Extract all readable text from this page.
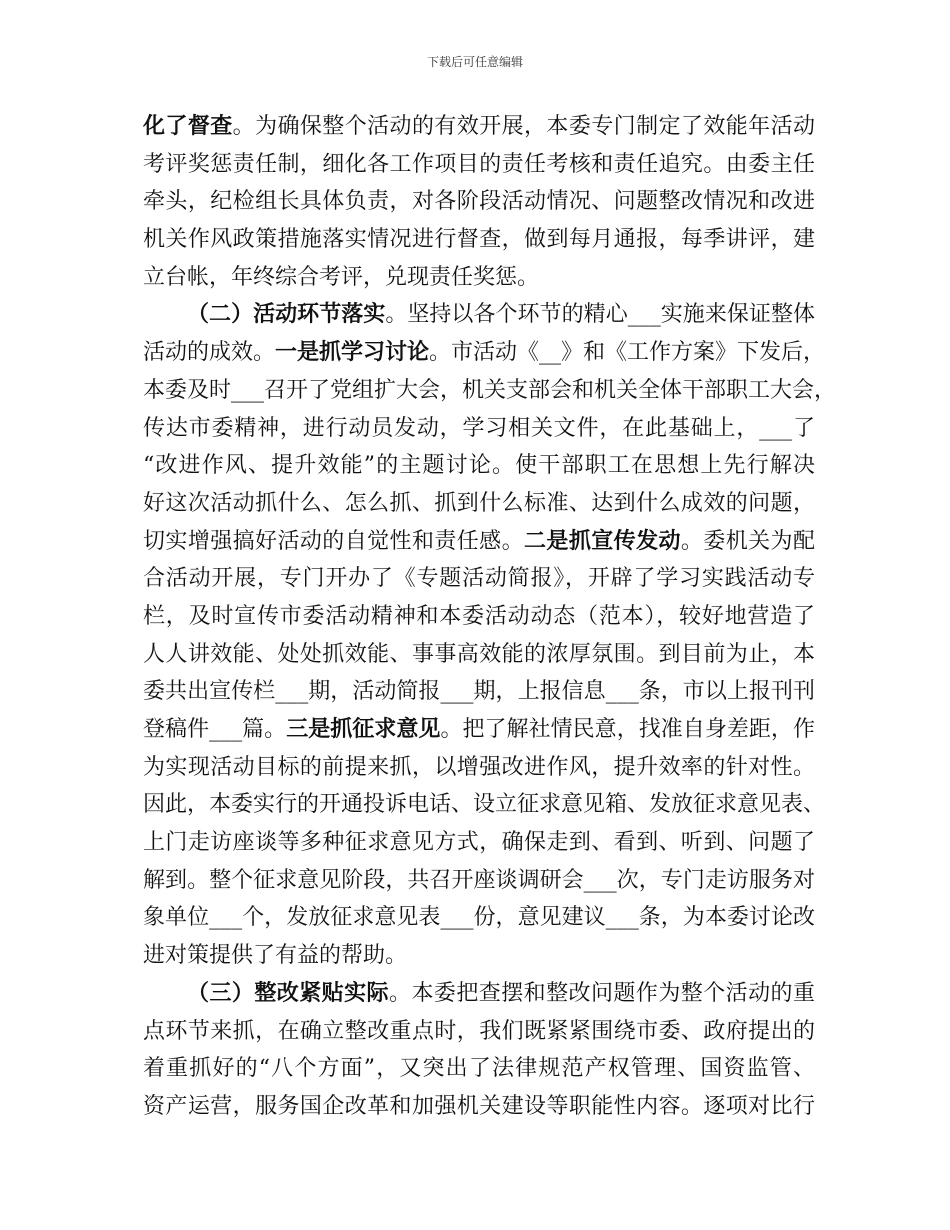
下载后可任意编辑
化了督查。为确保整个活动的有效开展，本委专门制定了效能年活动
考评奖惩责任制，细化各工作项目的责任考核和责任追究。由委主任
牵头，纪检组长具体负责，对各阶段活动情况、问题整改情况和改进
机关作风政策措施落实情况进行督查，做到每月通报，每季讲评，建
立台帐，年终综合考评，兑现责任奖惩。
（二）活动环节落实。坚持以各个环节的精心___实施来保证整体
活动的成效。一是抓学习讨论。市活动《__》和《工作方案》下发后，
本委及时___召开了党组扩大会，机关支部会和机关全体干部职工大会，
传达市委精神，进行动员发动，学习相关文件，在此基础上，___了
“改进作风、提升效能”的主题讨论。使干部职工在思想上先行解决
好这次活动抓什么、怎么抓、抓到什么标准、达到什么成效的问题，
切实增强搞好活动的自觉性和责任感。二是抓宣传发动。委机关为配
合活动开展，专门开办了《专题活动简报》，开辟了学习实践活动专
栏，及时宣传市委活动精神和本委活动动态（范本），较好地营造了
人人讲效能、处处抓效能、事事高效能的浓厚氛围。到目前为止，本
委共出宣传栏___期，活动简报___期，上报信息___条，市以上报刊刊
登稿件___篇。三是抓征求意见。把了解社情民意，找准自身差距，作
为实现活动目标的前提来抓，以增强改进作风，提升效率的针对性。
因此，本委实行的开通投诉电话、设立征求意见箱、发放征求意见表、
上门走访座谈等多种征求意见方式，确保走到、看到、听到、问题了
解到。整个征求意见阶段，共召开座谈调研会___次，专门走访服务对
象单位___个，发放征求意见表___份，意见建议___条，为本委讨论改
进对策提供了有益的帮助。
（三）整改紧贴实际。本委把查摆和整改问题作为整个活动的重
点环节来抓，在确立整改重点时，我们既紧紧围绕市委、政府提出的
着重抓好的“八个方面”，又突出了法律规范产权管理、国资监管、
资产运营，服务国企改革和加强机关建设等职能性内容。逐项对比行
